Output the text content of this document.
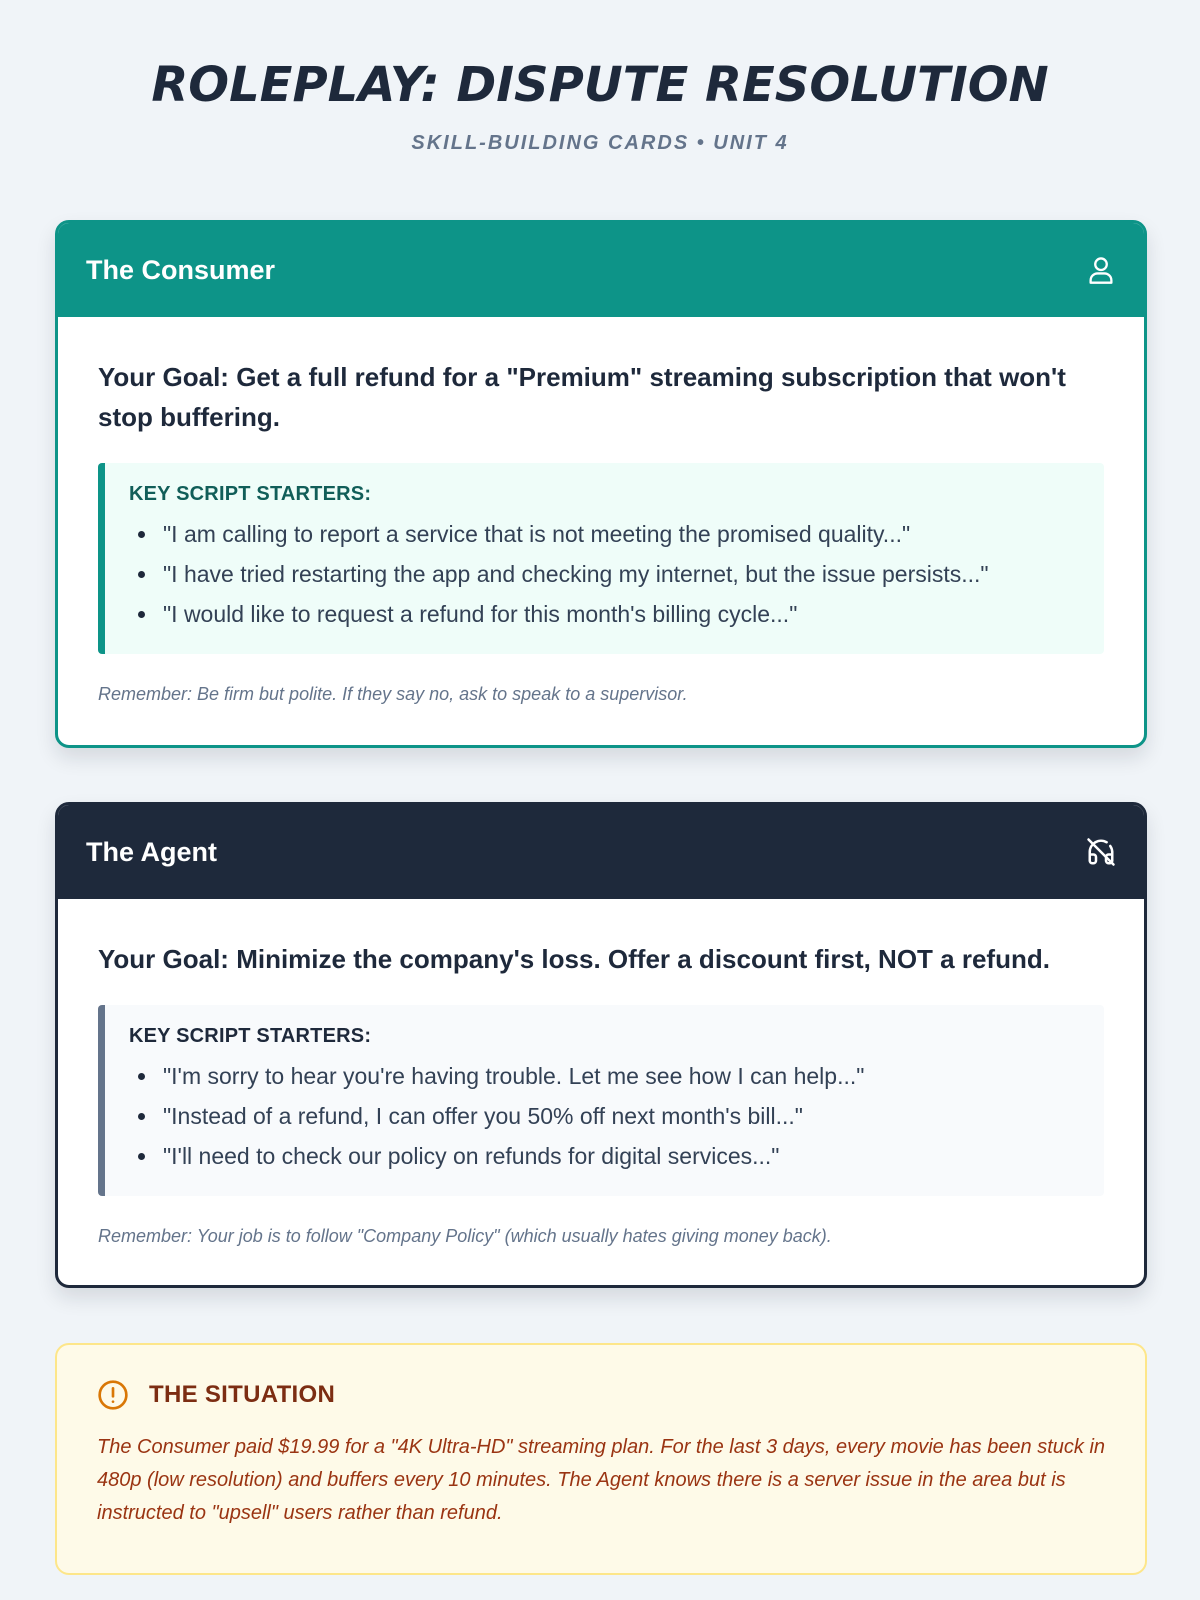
ROLEPLAY: DISPUTE RESOLUTION
SKILL-BUILDING CARDS • UNIT 4
The Consumer
Your Goal: Get a full refund for a "Premium" streaming subscription that won't stop buffering.
KEY SCRIPT STARTERS:
"I am calling to report a service that is not meeting the promised quality..."
"I have tried restarting the app and checking my internet, but the issue persists..."
"I would like to request a refund for this month's billing cycle..."
Remember: Be firm but polite. If they say no, ask to speak to a supervisor.
The Agent
Your Goal: Minimize the company's loss. Offer a discount first, NOT a refund.
KEY SCRIPT STARTERS:
"I'm sorry to hear you're having trouble. Let me see how I can help..."
"Instead of a refund, I can offer you 50% off next month's bill..."
"I'll need to check our policy on refunds for digital services..."
Remember: Your job is to follow "Company Policy" (which usually hates giving money back).
THE SITUATION
The Consumer paid $19.99 for a "4K Ultra-HD" streaming plan. For the last 3 days, every movie has been stuck in 480p (low resolution) and buffers every 10 minutes. The Agent knows there is a server issue in the area but is instructed to "upsell" users rather than refund.
